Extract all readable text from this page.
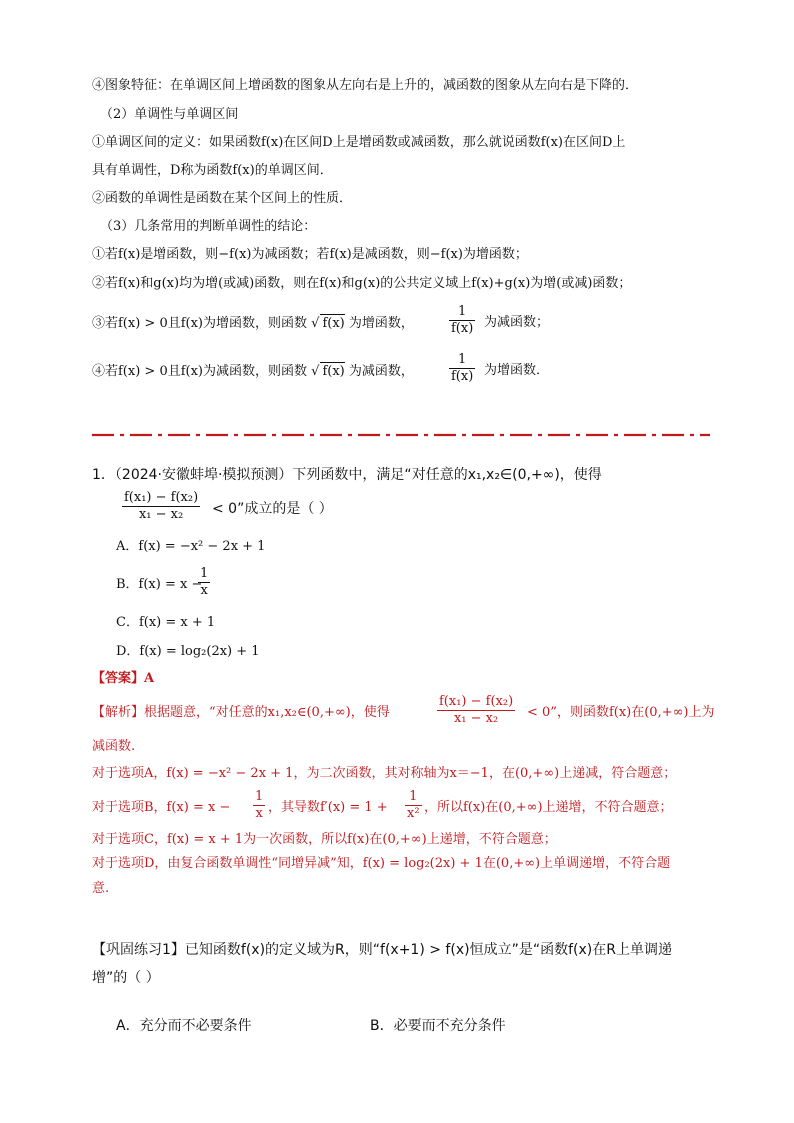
④图象特征：在单调区间上增函数的图象从左向右是上升的，减函数的图象从左向右是下降的．
（2）单调性与单调区间
①单调区间的定义：如果函数f(x)在区间D上是增函数或减函数，那么就说函数f(x)在区间D上
具有单调性，D称为函数f(x)的单调区间．
②函数的单调性是函数在某个区间上的性质．
（3）几条常用的判断单调性的结论：
①若f(x)是增函数，则−f(x)为减函数；若f(x)是减函数，则−f(x)为增函数；
②若f(x)和g(x)均为增(或减)函数，则在f(x)和g(x)的公共定义域上f(x)+g(x)为增(或减)函数；
③若f(x) > 0且f(x)为增函数，则函数 √ f(x) 为增函数，	$\frac{1}{f(x)}$ 为减函数；
④若f(x) > 0且f(x)为减函数，则函数 √ f(x) 为减函数，	$\frac{1}{f(x)}$ 为增函数．
1．（2024·安徽蚌埠·模拟预测）下列函数中，满足“对任意的x₁,x₂∈(0,+∞)，使得
$\frac{\text{f(x₁) − f(x₂)}}{\text{x₁ − x₂}} < 0$”成立的是（ ）
A．f(x) = −x² − 2x + 1
B．f(x) = x −
$\frac{1}{x}$
C．f(x) = x + 1
D．f(x) = log₂(2x) + 1
【答案】A
【解析】根据题意，“对任意的x₁,x₂∈(0,+∞)，使得	$\frac{\text{f(x₁) − f(x₂)}}{\text{x₁ − x₂}} < 0$”，则函数f(x)在(0,+∞)上为
减函数.
对于选项A，f(x) = −x² − 2x + 1，为二次函数，其对称轴为x＝−1，在(0,+∞)上递减，符合题意；
对于选项B，$f(x) = x - \frac{1}{x}$ ，其导数$f'(x) = 1 + \frac{1}{\text{x²}}$ ，所以f(x)在(0,+∞)上递增，不符合题意；
对于选项C，f(x) = x + 1为一次函数，所以f(x)在(0,+∞)上递增，不符合题意；
对于选项D，由复合函数单调性“同增异减”知，f(x) = log₂(2x) + 1在(0,+∞)上单调递增，不符合题
意.
【巩固练习1】已知函数f(x)的定义域为R，则“f(x+1) > f(x)恒成立”是“函数f(x)在R上单调递
增”的（ ）
A．充分而不必要条件	B．必要而不充分条件
